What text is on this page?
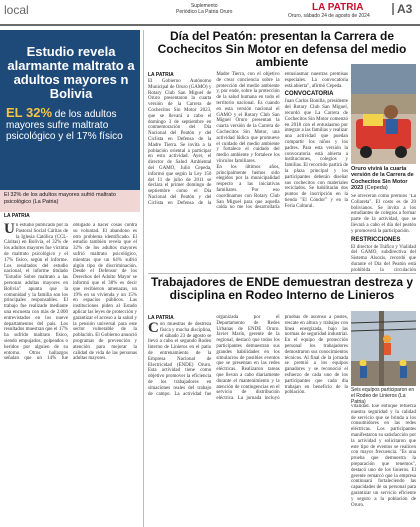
local	Suplemento
Periódico La Patria Oruro	LA PATRIA
Oruro, sábado 24 de agosto de 2024 A3
Estudio revela alarmante maltrato a adultos mayores n Bolivia
EL 32% de los adultos mayores sufre maltrato psicológico y el 17% físico
El 32% de los adultos mayores sufrió maltrato psicológico (La Patria)
LA PATRIA
Un estudio publicado por la Pastoral Social Cáritas de la Iglesia Católica (CCL-Cáritas) en Bolivia, el 32% de los adultos mayores fue víctima de maltrato psicológico y el 17% físico, según el informe. Los resultados del estudio nacional, el informe titulado "Estudio Sobre maltrato a las personas adultas mayores en Bolivia" apunta que la comunidad y la familia son los principales responsables. El trabajo fue realizado mediante una encuesta con más de 2.000 entrevistados en los nueve departamentos del país. Los resultados muestran que el 17% ha sufrido maltrato físico, siendo empujados, golpeados o heridos por alguien de su entorno. Otros hallazgos señalan que un 14% fue obligado a hacer cosas contra su voluntad. El abandono es otro problema identificado. El estudio también revela que el 32% de los adultos mayores sufrió maltrato psicológico, mientras que un 64% sufrió algún tipo de discriminación. Desde el Defensor de los Derechos del Adulto Mayor se informó que el 38% es decir que recibieron amenazas, un 19% en su vivienda y un 15% en espacios públicos. Las instituciones piden al Estado aplicar las leyes de protección y garantizar el acceso a la salud y la pensión universal para este sector vulnerable de la población. El Gobierno anunció programas de prevención y atención para mejorar la calidad de vida de las personas adultas mayores.
Día del Peatón: presentan la Carrera de Cochecitos Sin Motor en defensa del medio ambiente
LA PATRIA

El Gobierno Autónomo Municipal de Oruro (GAMO) y Rotary Club San Miguel de Oruro presentaron la cuarta versión de la Carrera de Cochecitos Sin Motor 2023, que se llevará a cabo el domingo 3 de septiembre en conmemoración del Día Nacional del Peatón y del Ciclista en Defensa de la Madre Tierra. Se invita a la población oriental a participar en esta actividad. Ayer, el director de Salud Ambiental del GAMO, Julio Cepeda, informó que según la Ley 150 del 11 de julio de 2011 se declara el primer domingo de septiembre como el Día Nacional del Peatón y del Ciclista en Defensa de la Madre Tierra, con el objetivo de crear conciencia sobre la protección del medio ambiente y, por ende, sobre la protección de la salud humana en todo el territorio nacional. Es cuando en esta versión nacional el GAMO y el Rotary Club San Miguel Oruro presentan la cuarta versión de la Carrera de Cochecitos Sin Motor, una actividad lúdica que promueve el cuidado del medio ambiente y fortalece el cuidado del medio ambiente y fortalece los vínculos familiares.

En los últimos años, principalmente hemos sido elegidos por la municipalidad respecto a las iniciativas familiares. Por eso coordinamos con Rotary Club San Miguel para que aquella caída no me los desarrollaría entusiasmar nuestras premisas especiales. La convocatoria está abierta", afirmó Cepeda.

CONVOCATORIA

Juan Carlos Bonilla, presidente del Rotary Club San Miguel, recordó que La Carrera de Cochecitos Sin Motor comenzó en 2018 con el entusiasmo por integrar a las familias y realizar una actividad que puedan compartir los niños y los padres. Para esta versión la convocatoria está abierta a instituciones, colegios y familias. El recorrido partirá de la plaza principal y los participantes deberán diseñar sus cochecitos con materiales reciclados. Se habilitarán dos puntos de inscripción en la tienda "El Cóndor" y en la Feria Cultural.

Oruro vivirá la cuarta versión de la Carrera de Cochecitos Sin Motor 2023 (Cepeda)

Se ofrecerán como premios "La Collareta". El costo es de 20 bolivianos. Se invita a los estudiantes de colegios a formar parte de la actividad, que se llevará a cabo el día del peatón y promoverá la participación.

RESTRICCIONES

El director de Tráfico y Vialidad del GAMO, subdirectiva del Sistema Alsozis, recordó que durante el Día del Peatón está prohibida la circulación

Trabajadores de ENDE demuestran destreza y disciplina en Rodeo Interno de Linieros
LA PATRIA
C on muestras de destreza física y mucha disciplina, el sábado 23 de agosto se llevó a cabo el segundo Rodeo Interno de Linieros en el patio de entrenamiento de la Empresa Nacional de Electricidad (ENDE) Oruro. Esta actividad tiene como objetivo promover la eficiencia de los trabajadores en situaciones reales del trabajo de campo. La actividad fue organizada por el Departamento de Redes Urbanas de ENDE Oruro. Javier Marín, gerente de la regional, destacó que todos los participantes demuestran sus grandes habilidades en los simulacros de posibles eventos que se presentan en las redes eléctricas. Realizaron tareas que llevan a cabo diariamente durante el mantenimiento y la atención de contingencias en el servicio de distribución eléctrica. La jornada incluyó pruebas de ascenso a postes, rescate en altura y trabajos con línea energizada, bajo las normas de seguridad industrial. En el equipo de protección personal los trabajadores demostraron sus conocimientos técnicos. Al final de la jornada se premió a los equipos ganadores y se reconoció el esfuerzo de cada uno de los participantes que cada día trabajan en beneficio de la población.	Seis equipos participaron en el Rodeo de Linieros (La Patria)

vitalidad. Ese enfoque refuerza nuestra seguridad y la calidad de servicio que se brinda a los consumidores en las redes eléctricas. Los participantes manifestaron su satisfacción por la actividad y solicitaron que este tipo de eventos se realicen con mayor frecuencia. "Es una prueba que demuestra la preparación que tenemos", destacó uno de los linieros. El gerente remarcó que la empresa continuará fortaleciendo las capacidades de su personal para garantizar un servicio eficiente y seguro a la población de Oruro.
